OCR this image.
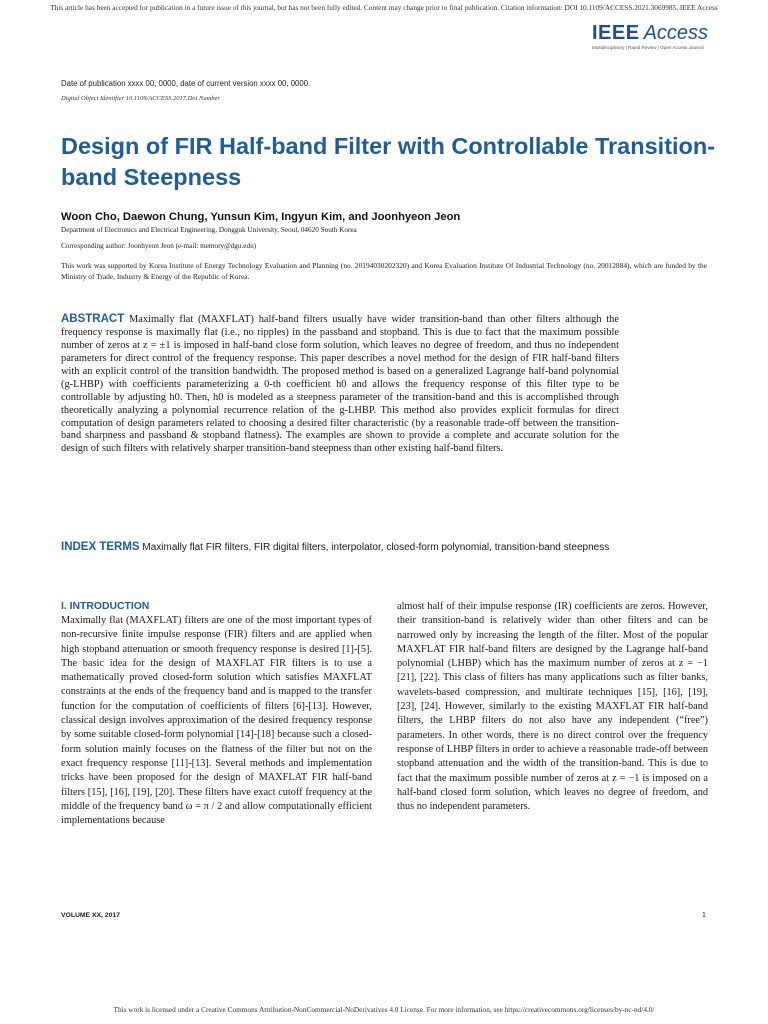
This article has been accepted for publication in a future issue of this journal, but has not been fully edited. Content may change prior to final publication. Citation information: DOI 10.1109/ACCESS.2021.3069985, IEEE Access
IEEE Access
Multidisciplinary | Rapid Review | Open Access Journal
Date of publication xxxx 00, 0000, date of current version xxxx 00, 0000.
Digital Object Identifier 10.1109/ACCESS.2017.Doi Number
Design of FIR Half-band Filter with Controllable Transition-band Steepness
Woon Cho, Daewon Chung, Yunsun Kim, Ingyun Kim, and Joonhyeon Jeon
Department of Electronics and Electrical Engineering, Dongguk University, Seoul, 04620 South Korea
Corresponding author: Joonhyeon Jeon (e-mail: memory@dgu.edu)
This work was supported by Korea Institute of Energy Technology Evaluation and Planning (no. 20194030202320) and Korea Evaluation Institute Of Industrial Technology (no. 20012884), which are funded by the Ministry of Trade, Industry & Energy of the Republic of Korea.
ABSTRACT Maximally flat (MAXFLAT) half-band filters usually have wider transition-band than other filters although the frequency response is maximally flat (i.e., no ripples) in the passband and stopband. This is due to fact that the maximum possible number of zeros at z = ±1 is imposed in half-band close form solution, which leaves no degree of freedom, and thus no independent parameters for direct control of the frequency response. This paper describes a novel method for the design of FIR half-band filters with an explicit control of the transition bandwidth. The proposed method is based on a generalized Lagrange half-band polynomial (g-LHBP) with coefficients parameterizing a 0-th coefficient h0 and allows the frequency response of this filter type to be controllable by adjusting h0. Then, h0 is modeled as a steepness parameter of the transition-band and this is accomplished through theoretically analyzing a polynomial recurrence relation of the g-LHBP. This method also provides explicit formulas for direct computation of design parameters related to choosing a desired filter characteristic (by a reasonable trade-off between the transition-band sharpness and passband & stopband flatness). The examples are shown to provide a complete and accurate solution for the design of such filters with relatively sharper transition-band steepness than other existing half-band filters.
INDEX TERMS Maximally flat FIR filters, FIR digital filters, interpolator, closed-form polynomial, transition-band steepness
I. INTRODUCTION
Maximally flat (MAXFLAT) filters are one of the most important types of non-recursive finite impulse response (FIR) filters and are applied when high stopband attenuation or smooth frequency response is desired [1]-[5]. The basic idea for the design of MAXFLAT FIR filters is to use a mathematically proved closed-form solution which satisfies MAXFLAT constraints at the ends of the frequency band and is mapped to the transfer function for the computation of coefficients of filters [6]-[13]. However, classical design involves approximation of the desired frequency response by some suitable closed-form polynomial [14]-[18] because such a closed-form solution mainly focuses on the flatness of the filter but not on the exact frequency response [11]-[13]. Several methods and implementation tricks have been proposed for the design of MAXFLAT FIR half-band filters [15], [16], [19], [20]. These filters have exact cutoff frequency at the middle of the frequency band ω = π / 2 and allow computationally efficient implementations because
almost half of their impulse response (IR) coefficients are zeros. However, their transition-band is relatively wider than other filters and can be narrowed only by increasing the length of the filter. Most of the popular MAXFLAT FIR half-band filters are designed by the Lagrange half-band polynomial (LHBP) which has the maximum number of zeros at z = −1 [21], [22]. This class of filters has many applications such as filter banks, wavelets-based compression, and multirate techniques [15], [16], [19], [23], [24]. However, similarly to the existing MAXFLAT FIR half-band filters, the LHBP filters do not also have any independent (“free”) parameters. In other words, there is no direct control over the frequency response of LHBP filters in order to achieve a reasonable trade-off between stopband attenuation and the width of the transition-band. This is due to fact that the maximum possible number of zeros at z = −1 is imposed on a half-band closed form solution, which leaves no degree of freedom, and thus no independent parameters.
VOLUME XX, 2017	1
This work is licensed under a Creative Commons Attribution-NonCommercial-NoDerivatives 4.0 License. For more information, see https://creativecommons.org/licenses/by-nc-nd/4.0/
